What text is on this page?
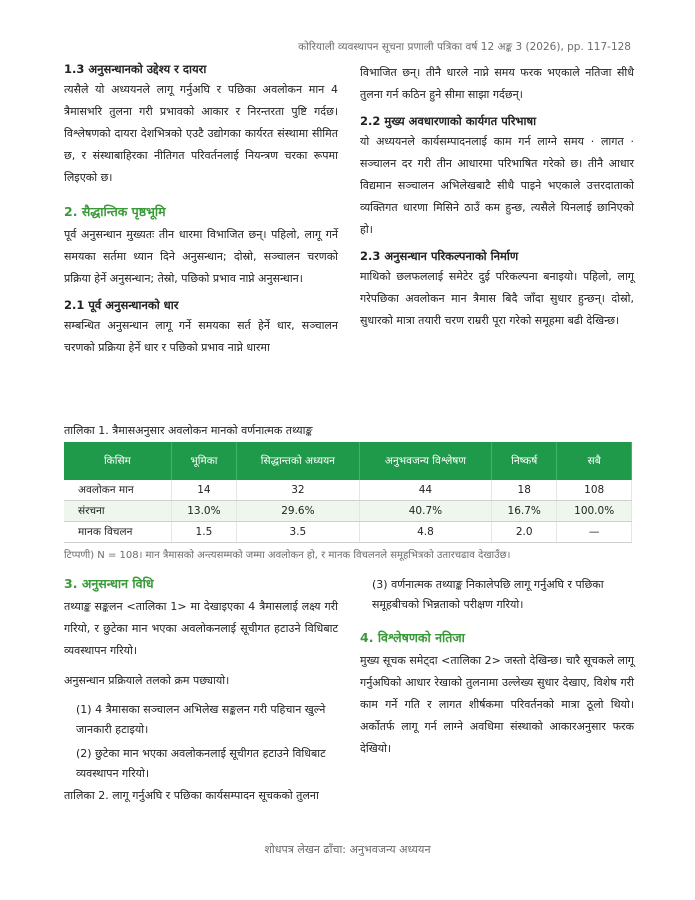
कोरियाली व्यवस्थापन सूचना प्रणाली पत्रिका वर्ष 12 अङ्क 3 (2026), pp. 117-128
1.3 अनुसन्धानको उद्देश्य र दायरा

त्यसैले यो अध्ययनले लागू गर्नुअघि र पछिका अवलोकन मान 4 त्रैमासभरि तुलना गरी प्रभावको आकार र निरन्तरता पुष्टि गर्दछ। विश्लेषणको दायरा देशभित्रको एउटै उद्योगका कार्यरत संस्थामा सीमित छ, र संस्थाबाहिरका नीतिगत परिवर्तनलाई नियन्त्रण चरका रूपमा लिइएको छ।

2. सैद्धान्तिक पृष्ठभूमि

पूर्व अनुसन्धान मुख्यतः तीन धारमा विभाजित छन्। पहिलो, लागू गर्ने समयका सर्तमा ध्यान दिने अनुसन्धान; दोस्रो, सञ्चालन चरणको प्रक्रिया हेर्ने अनुसन्धान; तेस्रो, पछिको प्रभाव नाप्ने अनुसन्धान।

2.1 पूर्व अनुसन्धानको धार

सम्बन्धित अनुसन्धान लागू गर्ने समयका सर्त हेर्ने धार, सञ्चालन चरणको प्रक्रिया हेर्ने धार र पछिको प्रभाव नाप्ने धारमा

विभाजित छन्। तीनै धारले नाप्ने समय फरक भएकाले नतिजा सीधै तुलना गर्न कठिन हुने सीमा साझा गर्दछन्।

2.2 मुख्य अवधारणाको कार्यगत परिभाषा

यो अध्ययनले कार्यसम्पादनलाई काम गर्न लाग्ने समय · लागत · सञ्चालन दर गरी तीन आधारमा परिभाषित गरेको छ। तीनै आधार विद्यमान सञ्चालन अभिलेखबाटै सीधै पाइने भएकाले उत्तरदाताको व्यक्तिगत धारणा मिसिने ठाउँ कम हुन्छ, त्यसैले यिनलाई छानिएको हो।

2.3 अनुसन्धान परिकल्पनाको निर्माण

माथिको छलफललाई समेटेर दुई परिकल्पना बनाइयो। पहिलो, लागू गरेपछिका अवलोकन मान त्रैमास बिदै जाँदा सुधार हुन्छन्। दोस्रो, सुधारको मात्रा तयारी चरण राम्ररी पूरा गरेको समूहमा बढी देखिन्छ।

तालिका 1. त्रैमासअनुसार अवलोकन मानको वर्णनात्मक तथ्याङ्क
किसिम	भूमिका	सिद्धान्तको अध्ययन	अनुभवजन्य विश्लेषण	निष्कर्ष	सबै
अवलोकन मान	14	32	44	18	108
संरचना	13.0%	29.6%	40.7%	16.7%	100.0%
मानक विचलन	1.5	3.5	4.8	2.0	—
टिप्पणी) N = 108। मान त्रैमासको अन्त्यसम्मको जम्मा अवलोकन हो, र मानक विचलनले समूहभित्रको उतारचढाव देखाउँछ।
3. अनुसन्धान विधि

तथ्याङ्क सङ्कलन <तालिका 1> मा देखाइएका 4 त्रैमासलाई लक्ष्य गरी गरियो, र छुटेका मान भएका अवलोकनलाई सूचीगत हटाउने विधिबाट व्यवस्थापन गरियो।

अनुसन्धान प्रक्रियाले तलको क्रम पछ्यायो।

(1) 4 त्रैमासका सञ्चालन अभिलेख सङ्कलन गरी पहिचान खुल्ने जानकारी हटाइयो।
(2) छुटेका मान भएका अवलोकनलाई सूचीगत हटाउने विधिबाट व्यवस्थापन गरियो।
तालिका 2. लागू गर्नुअघि र पछिका कार्यसम्पादन सूचकको तुलना
(3) वर्णनात्मक तथ्याङ्क निकालेपछि लागू गर्नुअघि र पछिका समूहबीचको भिन्नताको परीक्षण गरियो।
4. विश्लेषणको नतिजा

मुख्य सूचक समेट्दा <तालिका 2> जस्तो देखिन्छ। चारै सूचकले लागू गर्नुअघिको आधार रेखाको तुलनामा उल्लेख्य सुधार देखाए, विशेष गरी काम गर्ने गति र लागत शीर्षकमा परिवर्तनको मात्रा ठूलो थियो। अर्कोतर्फ लागू गर्न लाग्ने अवधिमा संस्थाको आकारअनुसार फरक देखियो।

शोधपत्र लेखन ढाँचा: अनुभवजन्य अध्ययन
